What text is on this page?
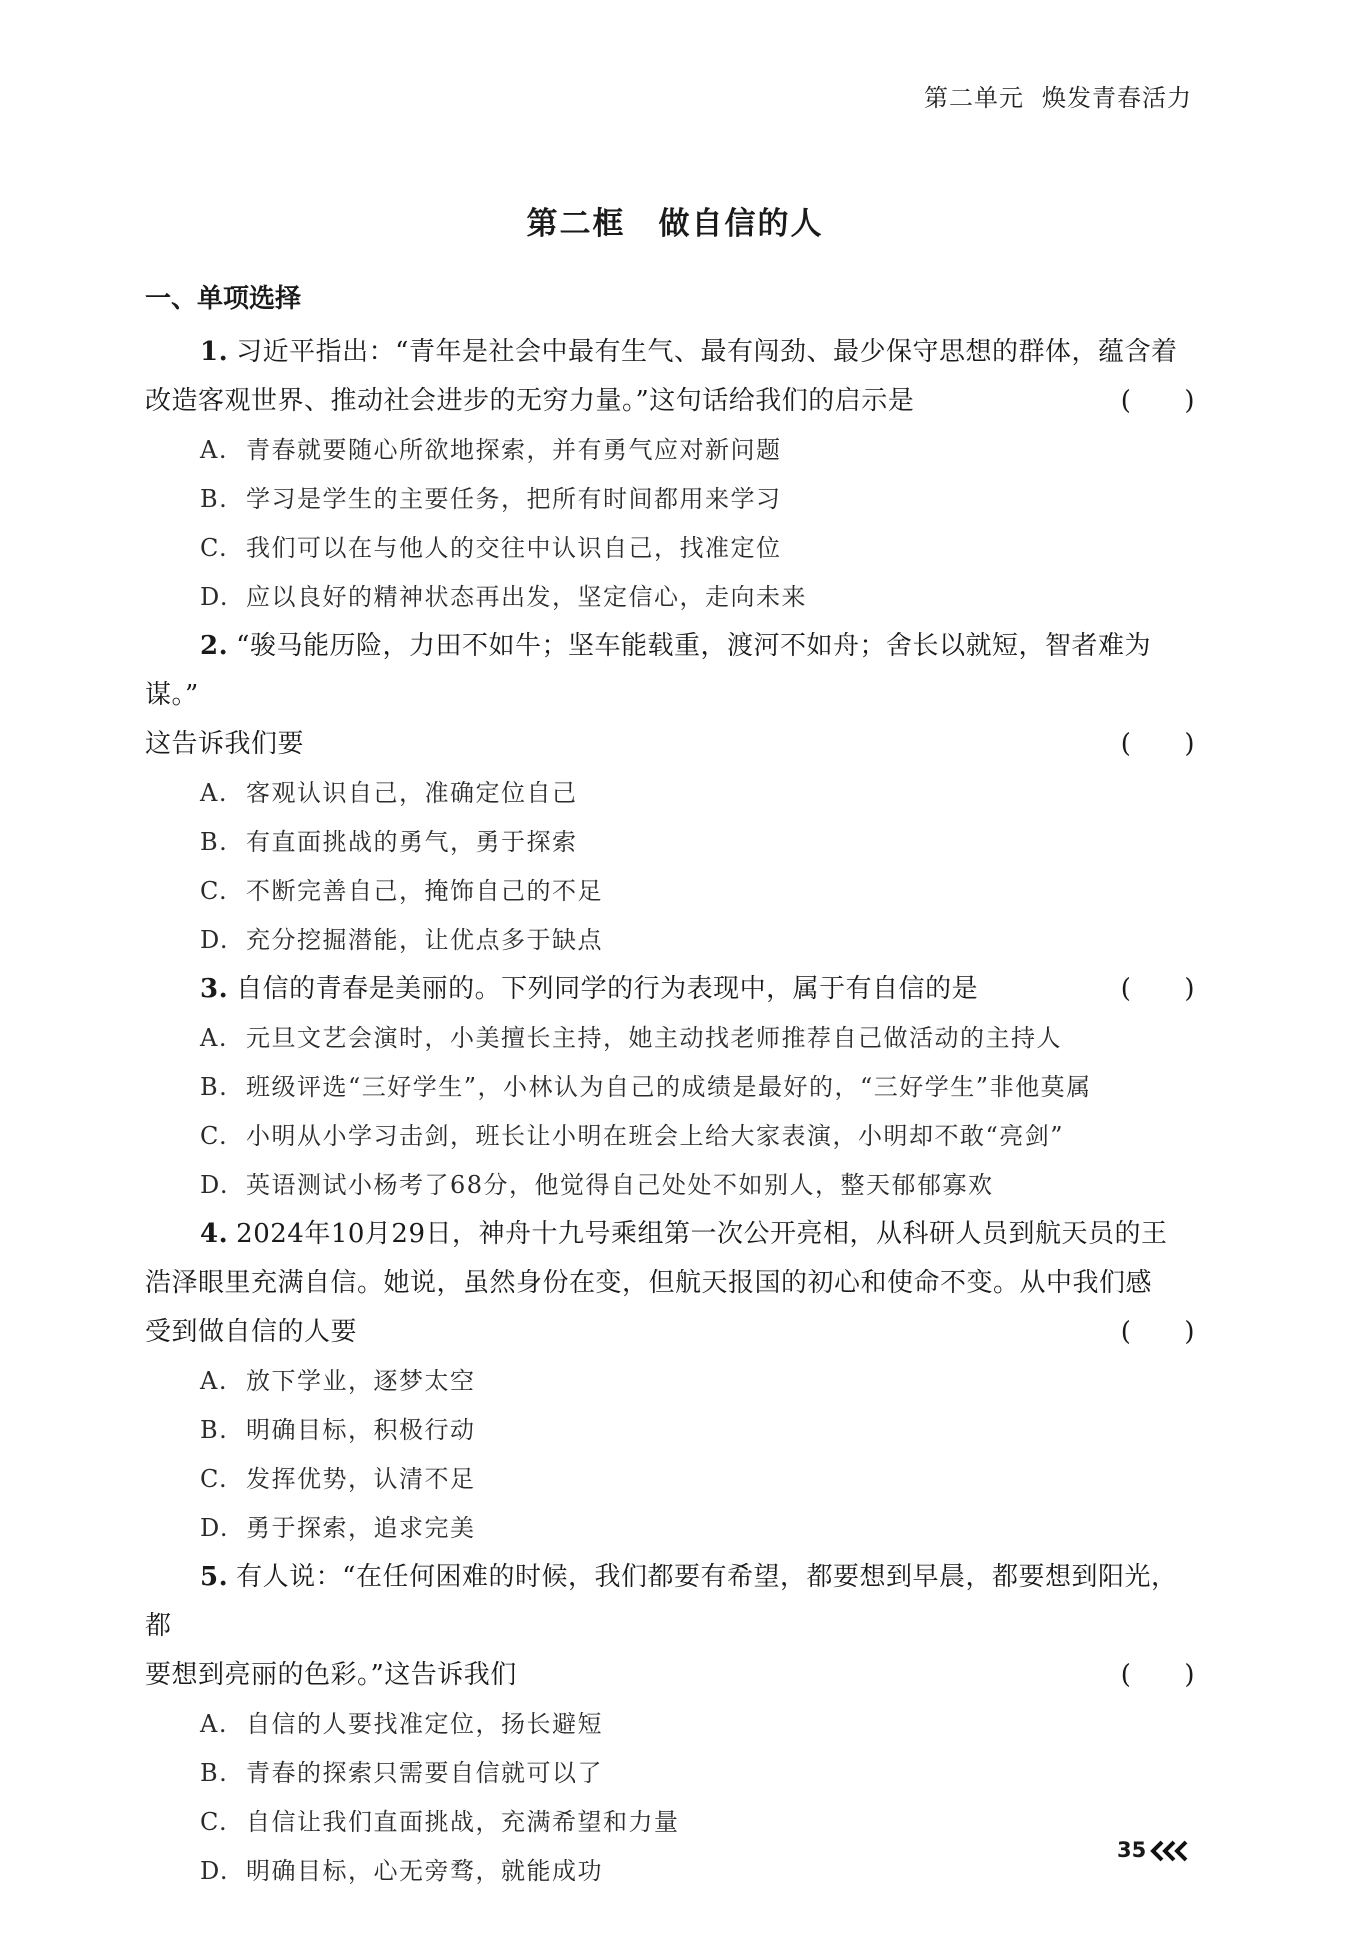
第二单元 焕发青春活力
第二框　做自信的人
一、单项选择
1. 习近平指出：“青年是社会中最有生气、最有闯劲、最少保守思想的群体，蕴含着
改造客观世界、推动社会进步的无穷力量。”这句话给我们的启示是	(　　)
A. 青春就要随心所欲地探索，并有勇气应对新问题
B. 学习是学生的主要任务，把所有时间都用来学习
C. 我们可以在与他人的交往中认识自己，找准定位
D. 应以良好的精神状态再出发，坚定信心，走向未来
2. “骏马能历险，力田不如牛；坚车能载重，渡河不如舟；舍长以就短，智者难为谋。”
这告诉我们要	(　　)
A. 客观认识自己，准确定位自己
B. 有直面挑战的勇气，勇于探索
C. 不断完善自己，掩饰自己的不足
D. 充分挖掘潜能，让优点多于缺点
3. 自信的青春是美丽的。下列同学的行为表现中，属于有自信的是	(　　)
A. 元旦文艺会演时，小美擅长主持，她主动找老师推荐自己做活动的主持人
B. 班级评选“三好学生”，小林认为自己的成绩是最好的，“三好学生”非他莫属
C. 小明从小学习击剑，班长让小明在班会上给大家表演，小明却不敢“亮剑”
D. 英语测试小杨考了68分，他觉得自己处处不如别人，整天郁郁寡欢
4. 2024年10月29日，神舟十九号乘组第一次公开亮相，从科研人员到航天员的王
浩泽眼里充满自信。她说，虽然身份在变，但航天报国的初心和使命不变。从中我们感
受到做自信的人要	(　　)
A. 放下学业，逐梦太空
B. 明确目标，积极行动
C. 发挥优势，认清不足
D. 勇于探索，追求完美
5. 有人说：“在任何困难的时候，我们都要有希望，都要想到早晨，都要想到阳光，都
要想到亮丽的色彩。”这告诉我们	(　　)
A. 自信的人要找准定位，扬长避短
B. 青春的探索只需要自信就可以了
C. 自信让我们直面挑战，充满希望和力量
D. 明确目标，心无旁骛，就能成功
35
